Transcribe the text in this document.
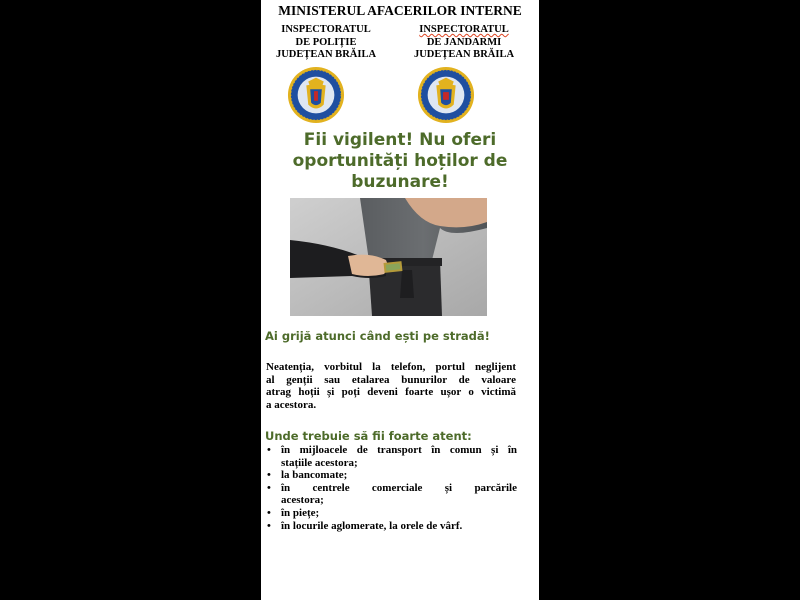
MINISTERUL AFACERILOR INTERNE
INSPECTORATUL
DE POLIȚIE
JUDEȚEAN BRĂILA
INSPECTORATUL
DE JANDARMI
JUDEȚEAN BRĂILA
Fii vigilent! Nu oferi
oportunități hoților de
buzunare!
Ai grijă atunci când ești pe stradă!
Neatenția, vorbitul la telefon, portul neglijent
al genții sau etalarea bunurilor de valoare
atrag hoții și poți deveni foarte ușor o victimă
a acestora.
Unde trebuie să fii foarte atent:
• în mijloacele de transport în comun și în
stațiile acestora;
• la bancomate;
• în centrele comerciale și parcările
acestora;
• în piețe;
• în locurile aglomerate, la orele de vârf.
